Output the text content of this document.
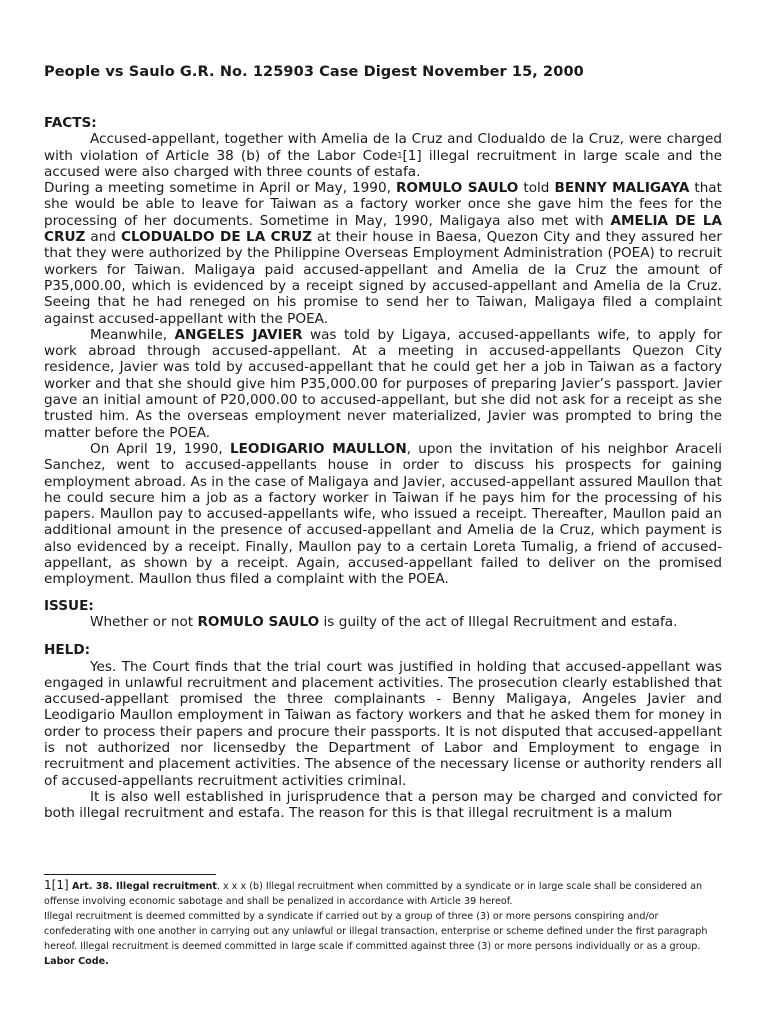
People vs Saulo G.R. No. 125903 Case Digest November 15, 2000

FACTS:

Accused-appellant, together with Amelia de la Cruz and Clodualdo de la Cruz, were charged with violation of Article 38 (b) of the Labor Code$^1$[1] illegal recruitment in large scale and the accused were also charged with three counts of estafa.

During a meeting sometime in April or May, 1990, ROMULO SAULO told BENNY MALIGAYA that she would be able to leave for Taiwan as a factory worker once she gave him the fees for the processing of her documents. Sometime in May, 1990, Maligaya also met with AMELIA DE LA CRUZ and CLODUALDO DE LA CRUZ at their house in Baesa, Quezon City and they assured her that they were authorized by the Philippine Overseas Employment Administration (POEA) to recruit workers for Taiwan. Maligaya paid accused-appellant and Amelia de la Cruz the amount of P35,000.00, which is evidenced by a receipt signed by accused-appellant and Amelia de la Cruz. Seeing that he had reneged on his promise to send her to Taiwan, Maligaya filed a complaint against accused-appellant with the POEA.

Meanwhile, ANGELES JAVIER was told by Ligaya, accused-appellants wife, to apply for work abroad through accused-appellant. At a meeting in accused-appellants Quezon City residence, Javier was told by accused-appellant that he could get her a job in Taiwan as a factory worker and that she should give him P35,000.00 for purposes of preparing Javier’s passport. Javier gave an initial amount of P20,000.00 to accused-appellant, but she did not ask for a receipt as she trusted him. As the overseas employment never materialized, Javier was prompted to bring the matter before the POEA.

On April 19, 1990, LEODIGARIO MAULLON, upon the invitation of his neighbor Araceli Sanchez, went to accused-appellants house in order to discuss his prospects for gaining employment abroad. As in the case of Maligaya and Javier, accused-appellant assured Maullon that he could secure him a job as a factory worker in Taiwan if he pays him for the processing of his papers. Maullon pay to accused-appellants wife, who issued a receipt. Thereafter, Maullon paid an additional amount in the presence of accused-appellant and Amelia de la Cruz, which payment is also evidenced by a receipt. Finally, Maullon pay to a certain Loreta Tumalig, a friend of accused-appellant, as shown by a receipt. Again, accused-appellant failed to deliver on the promised employment. Maullon thus filed a complaint with the POEA.

ISSUE:

Whether or not ROMULO SAULO is guilty of the act of Illegal Recruitment and estafa.

HELD:

Yes. The Court finds that the trial court was justified in holding that accused-appellant was engaged in unlawful recruitment and placement activities. The prosecution clearly established that accused-appellant promised the three complainants - Benny Maligaya, Angeles Javier and Leodigario Maullon employment in Taiwan as factory workers and that he asked them for money in order to process their papers and procure their passports. It is not disputed that accused-appellant is not authorized nor licensedby the Department of Labor and Employment to engage in recruitment and placement activities. The absence of the necessary license or authority renders all of accused-appellants recruitment activities criminal.

It is also well established in jurisprudence that a person may be charged and convicted for both illegal recruitment and estafa. The reason for this is that illegal recruitment is a malum

1[1] Art. 38. Illegal recruitment. x x x (b) Illegal recruitment when committed by a syndicate or in large scale shall be considered an offense involving economic sabotage and shall be penalized in accordance with Article 39 hereof.

Illegal recruitment is deemed committed by a syndicate if carried out by a group of three (3) or more persons conspiring and/or confederating with one another in carrying out any unlawful or illegal transaction, enterprise or scheme defined under the first paragraph hereof. Illegal recruitment is deemed committed in large scale if committed against three (3) or more persons individually or as a group. Labor Code.
